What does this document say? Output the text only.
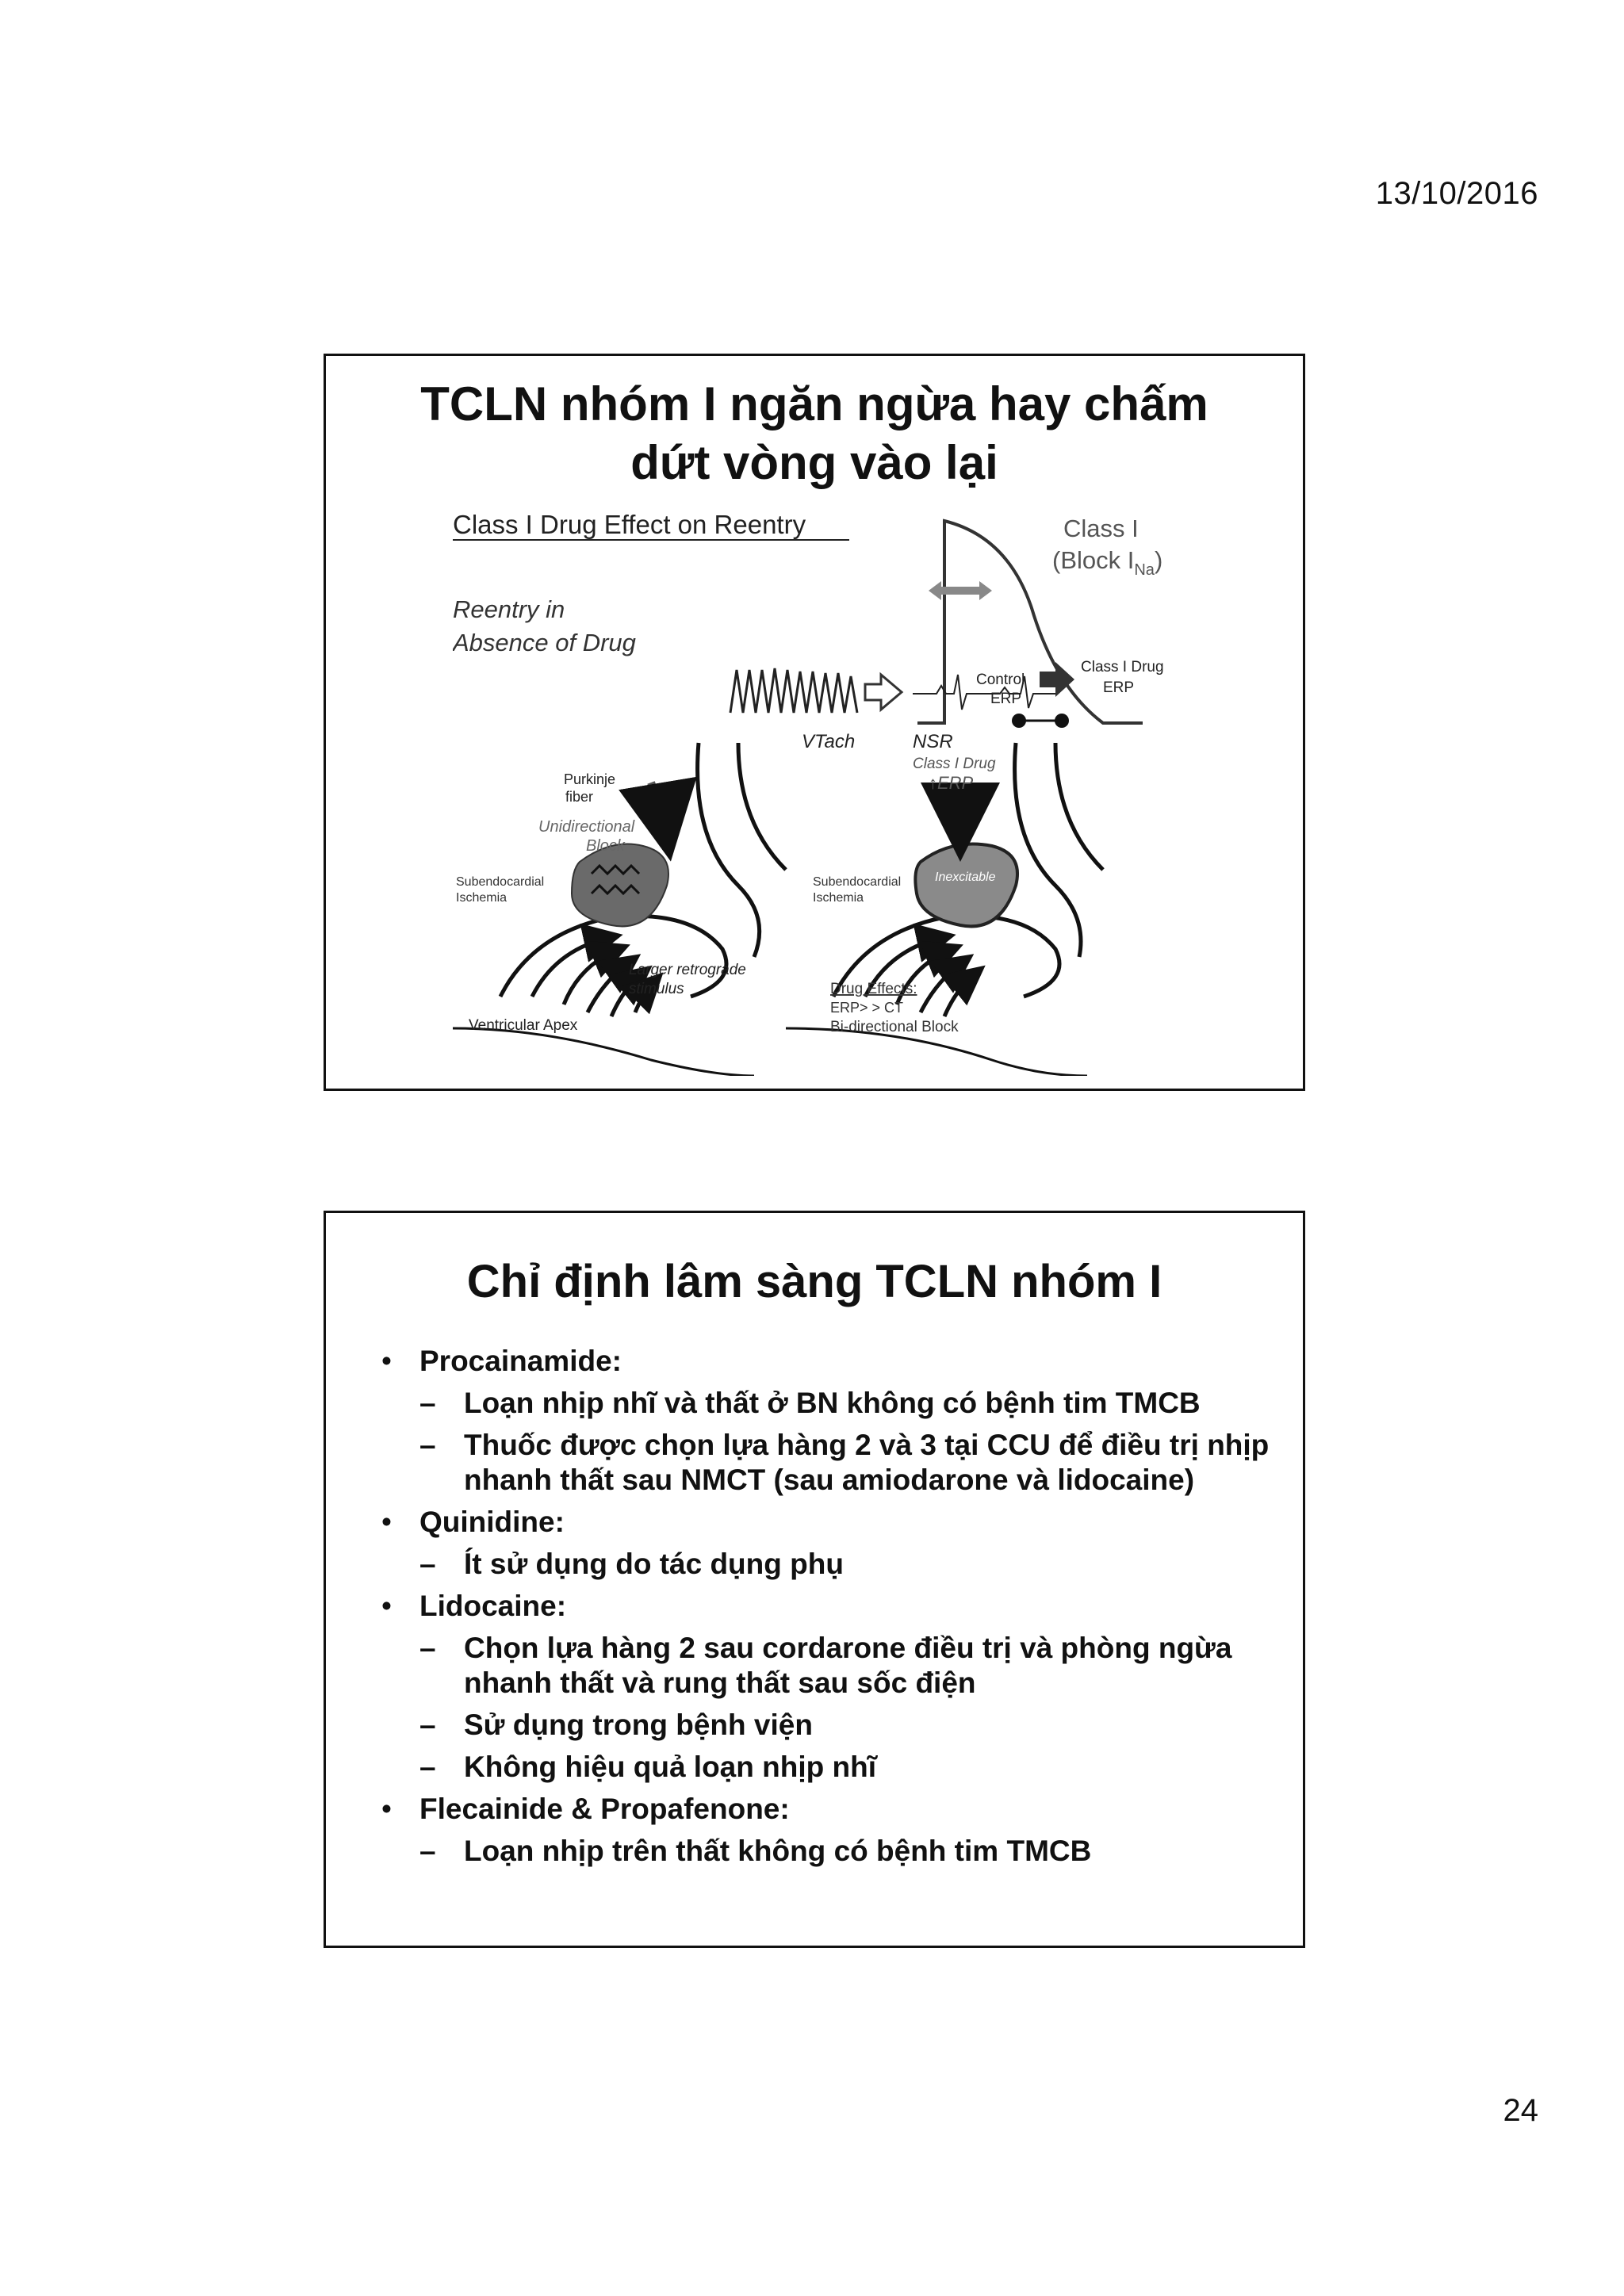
13/10/2016
TCLN nhóm I ngăn ngừa hay chấm
dứt vòng vào lại
Class I Drug Effect on Reentry
Reentry in
Absence of Drug
Class I
(Block $I_{Na}$)
Control
ERP
Class I Drug
ERP
VTach	NSR
Purkinje
fiber
Unidirectional
Block
Subendocardial
Ischemia
Larger retrograde
stimulus
Ventricular Apex
Subendocardial
Ischemia
Class I Drug
↑ERP
Inexcitable
Drug Effects:
ERP> > CT
Bi-directional Block
Chỉ định lâm sàng TCLN nhóm I
• Procainamide:
– Loạn nhịp nhĩ và thất ở BN không có bệnh tim TMCB
– Thuốc được chọn lựa hàng 2 và 3 tại CCU để điều trị nhịp nhanh thất sau NMCT (sau amiodarone và lidocaine)
• Quinidine:
– Ít sử dụng do tác dụng phụ
• Lidocaine:
– Chọn lựa hàng 2 sau cordarone điều trị và phòng ngừa nhanh thất và rung thất sau sốc điện
– Sử dụng trong bệnh viện
– Không hiệu quả loạn nhịp nhĩ
• Flecainide & Propafenone:
– Loạn nhịp trên thất không có bệnh tim TMCB
24
